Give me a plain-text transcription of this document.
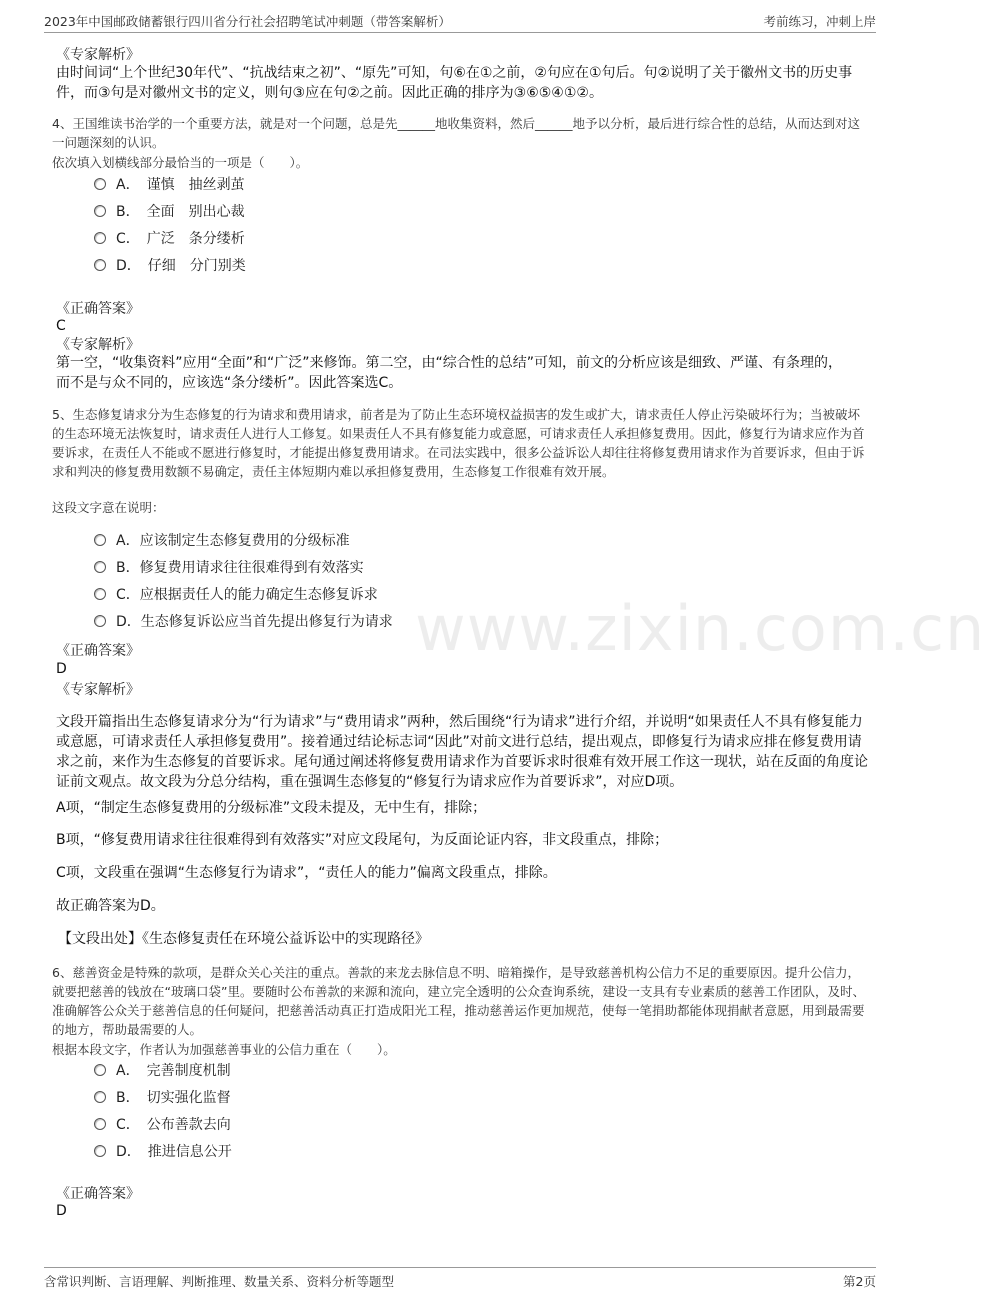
2023年中国邮政储蓄银行四川省分行社会招聘笔试冲刺题（带答案解析）	考前练习，冲刺上岸
www.zixin.com.cn
《专家解析》
由时间词“上个世纪30年代”、“抗战结束之初”、“原先”可知，句⑥在①之前，②句应在①句后。句②说明了关于徽州文书的历史事件，而③句是对徽州文书的定义，则句③应在句②之前。因此正确的排序为③⑥⑤④①②。
4、王国维读书治学的一个重要方法，就是对一个问题，总是先______地收集资料，然后______地予以分析，最后进行综合性的总结，从而达到对这一问题深刻的认识。
依次填入划横线部分最恰当的一项是（　　）。
A．　谨慎　抽丝剥茧
B．　全面　别出心裁
C．　广泛　条分缕析
D．　仔细　分门别类
《正确答案》
C
《专家解析》
第一空，“收集资料”应用“全面”和“广泛”来修饰。第二空，由“综合性的总结”可知，前文的分析应该是细致、严谨、有条理的，而不是与众不同的，应该选“条分缕析”。因此答案选C。
5、生态修复请求分为生态修复的行为请求和费用请求，前者是为了防止生态环境权益损害的发生或扩大，请求责任人停止污染破坏行为；当被破坏的生态环境无法恢复时，请求责任人进行人工修复。如果责任人不具有修复能力或意愿，可请求责任人承担修复费用。因此，修复行为请求应作为首要诉求，在责任人不能或不愿进行修复时，才能提出修复费用请求。在司法实践中，很多公益诉讼人却往往将修复费用请求作为首要诉求，但由于诉求和判决的修复费用数额不易确定，责任主体短期内难以承担修复费用，生态修复工作很难有效开展。
这段文字意在说明：
A．应该制定生态修复费用的分级标准
B．修复费用请求往往很难得到有效落实
C．应根据责任人的能力确定生态修复诉求
D．生态修复诉讼应当首先提出修复行为请求
《正确答案》
D
《专家解析》
文段开篇指出生态修复请求分为“行为请求”与“费用请求”两种，然后围绕“行为请求”进行介绍，并说明“如果责任人不具有修复能力或意愿，可请求责任人承担修复费用”。接着通过结论标志词“因此”对前文进行总结，提出观点，即修复行为请求应排在修复费用请求之前，来作为生态修复的首要诉求。尾句通过阐述将修复费用请求作为首要诉求时很难有效开展工作这一现状，站在反面的角度论证前文观点。故文段为分总分结构，重在强调生态修复的“修复行为请求应作为首要诉求”，对应D项。
A项，“制定生态修复费用的分级标准”文段未提及，无中生有，排除；
B项，“修复费用请求往往很难得到有效落实”对应文段尾句，为反面论证内容，非文段重点，排除；
C项，文段重在强调“生态修复行为请求”，“责任人的能力”偏离文段重点，排除。
故正确答案为D。
【文段出处】《生态修复责任在环境公益诉讼中的实现路径》
6、慈善资金是特殊的款项，是群众关心关注的重点。善款的来龙去脉信息不明、暗箱操作，是导致慈善机构公信力不足的重要原因。提升公信力，就要把慈善的钱放在“玻璃口袋”里。要随时公布善款的来源和流向，建立完全透明的公众查询系统，建设一支具有专业素质的慈善工作团队，及时、准确解答公众关于慈善信息的任何疑问，把慈善活动真正打造成阳光工程，推动慈善运作更加规范，使每一笔捐助都能体现捐献者意愿，用到最需要的地方，帮助最需要的人。
根据本段文字，作者认为加强慈善事业的公信力重在（　　）。
A．　完善制度机制
B．　切实强化监督
C．　公布善款去向
D．　推进信息公开
《正确答案》
D
含常识判断、言语理解、判断推理、数量关系、资料分析等题型	第2页
